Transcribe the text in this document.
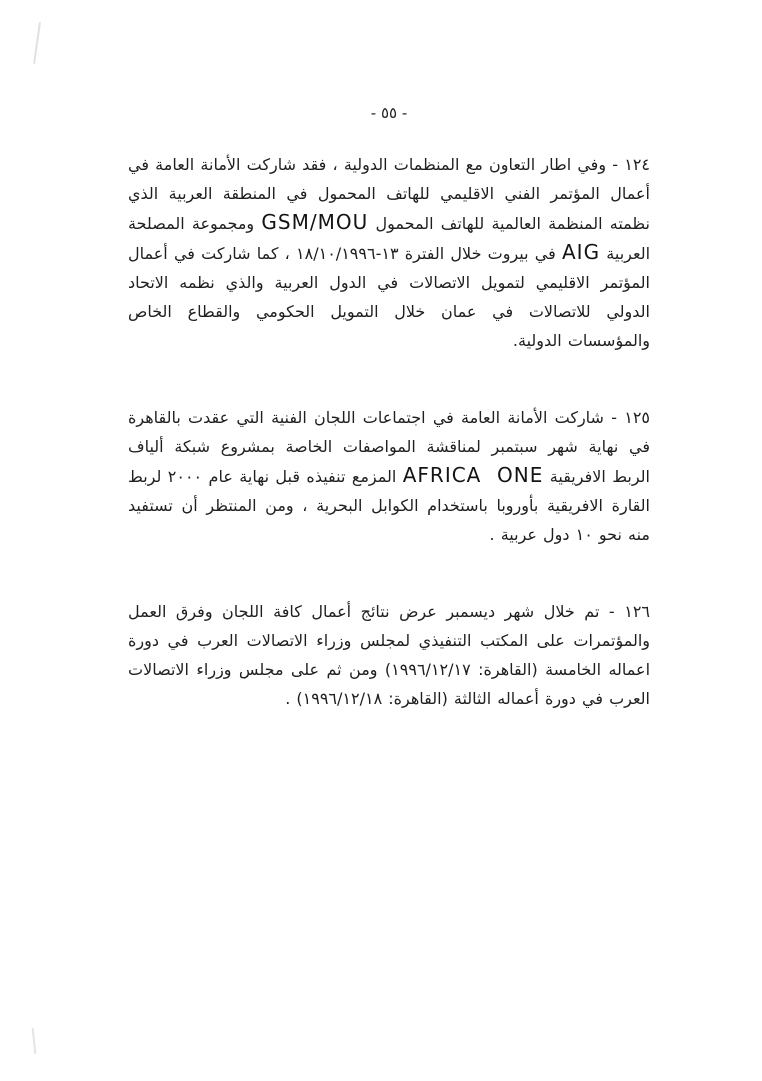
- ٥٥ -

١٢٤ - وفي اطار التعاون مع المنظمات الدولية ، فقد شاركت الأمانة العامة في أعمال المؤتمر الفني الاقليمي للهاتف المحمول في المنطقة العربية الذي نظمته المنظمة العالمية للهاتف المحمول GSM/MOU ومجموعة المصلحة العربية AIG في بيروت خلال الفترة ١٣-١٨/١٠/١٩٩٦ ، كما شاركت في أعمال المؤتمر الاقليمي لتمويل الاتصالات في الدول العربية والذي نظمه الاتحاد الدولي للاتصالات في عمان خلال التمويل الحكومي والقطاع الخاص والمؤسسات الدولية.

١٢٥ - شاركت الأمانة العامة في اجتماعات اللجان الفنية التي عقدت بالقاهرة في نهاية شهر سبتمبر لمناقشة المواصفات الخاصة بمشروع شبكة ألياف الربط الافريقية AFRICA ONE المزمع تنفيذه قبل نهاية عام ٢٠٠٠ لربط القارة الافريقية بأوروبا باستخدام الكوابل البحرية ، ومن المنتظر أن تستفيد منه نحو ١٠ دول عربية .

١٢٦ - تم خلال شهر ديسمبر عرض نتائج أعمال كافة اللجان وفرق العمل والمؤتمرات على المكتب التنفيذي لمجلس وزراء الاتصالات العرب في دورة اعماله الخامسة (القاهرة: ١٩٩٦/١٢/١٧) ومن ثم على مجلس وزراء الاتصالات العرب في دورة أعماله الثالثة (القاهرة: ١٩٩٦/١٢/١٨) .
